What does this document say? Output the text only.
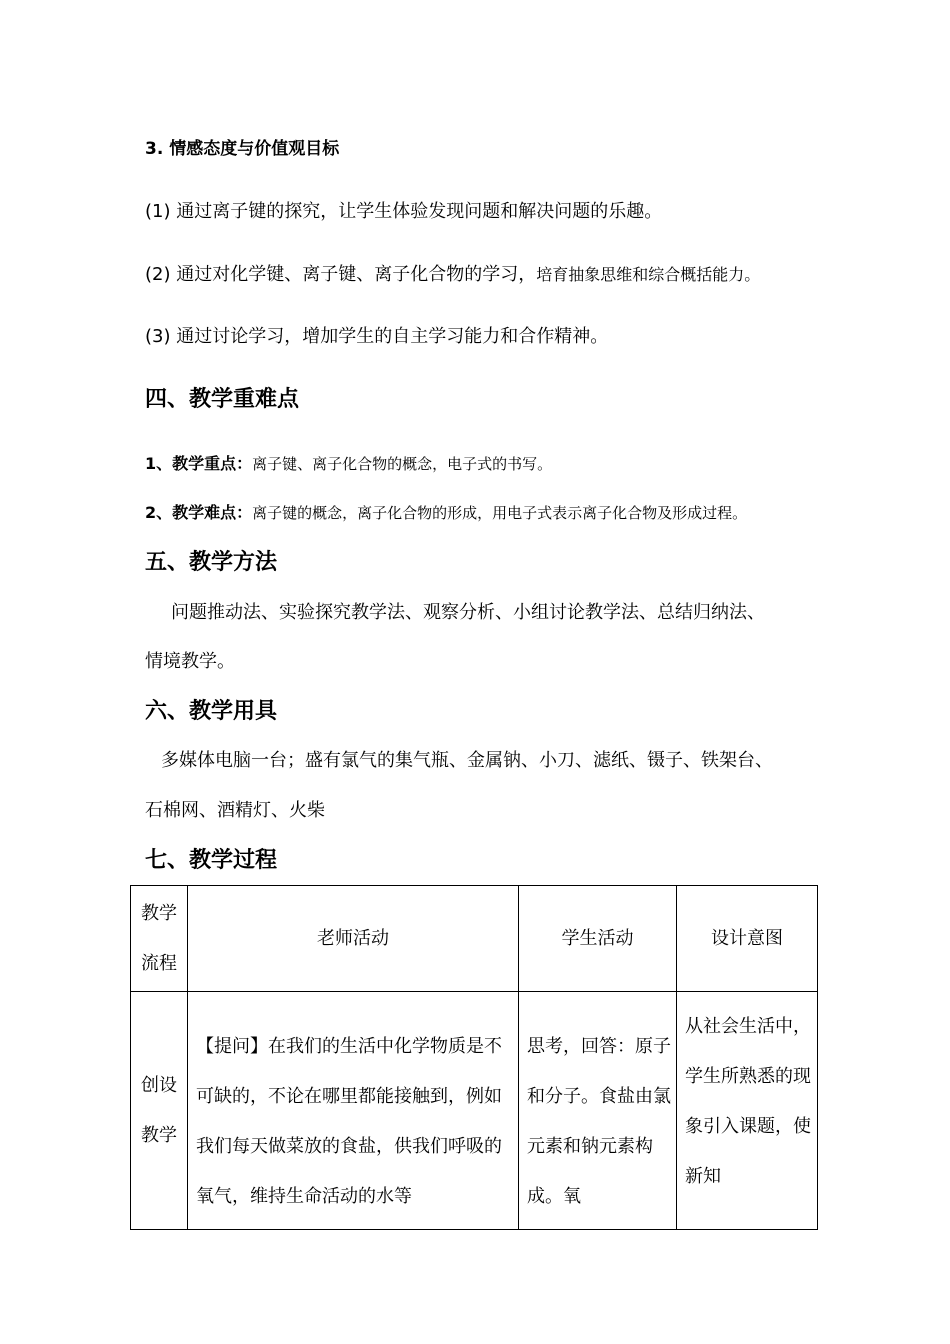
3. 情感态度与价值观目标
(1) 通过离子键的探究，让学生体验发现问题和解决问题的乐趣。
(2) 通过对化学键、离子键、离子化合物的学习，培育抽象思维和综合概括能力。
(3) 通过讨论学习，增加学生的自主学习能力和合作精神。
四、教学重难点
1、教学重点：离子键、离子化合物的概念，电子式的书写。
2、教学难点：离子键的概念，离子化合物的形成，用电子式表示离子化合物及形成过程。
五、教学方法
问题推动法、实验探究教学法、观察分析、小组讨论教学法、总结归纳法、
情境教学。
六、教学用具
多媒体电脑一台；盛有氯气的集气瓶、金属钠、小刀、滤纸、镊子、铁架台、
石棉网、酒精灯、火柴
七、教学过程
教学流程	老师活动	学生活动	设计意图

创设教学	【提问】在我们的生活中化学物质是不可缺的，不论在哪里都能接触到，例如我们每天做菜放的食盐，供我们呼吸的氧气，维持生命活动的水等	思考，回答：原子和分子。食盐由氯元素和钠元素构成。氧	从社会生活中，学生所熟悉的现象引入课题，使新知
